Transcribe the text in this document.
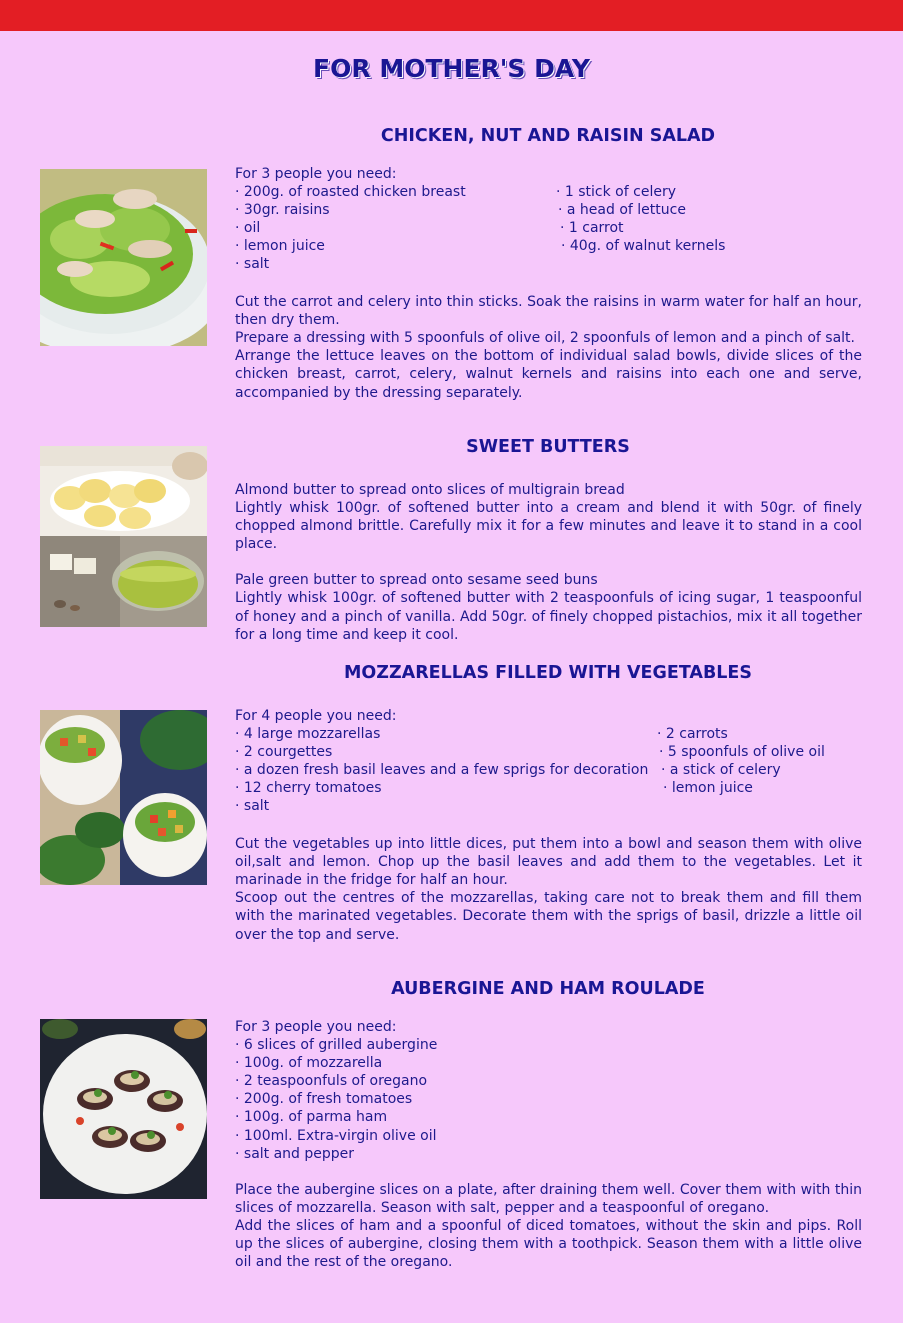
FOR MOTHER'S DAY
CHICKEN, NUT AND RAISIN SALAD
For 3 people you need:
· 200g. of roasted chicken breast
· 30gr. raisins
· oil
· lemon juice
· salt
· 1 stick of celery
· a head of lettuce
· 1 carrot
· 40g. of walnut kernels

Cut the carrot and celery into thin sticks. Soak the raisins in warm water for half an hour, then dry them.

Prepare a dressing with 5 spoonfuls of olive oil, 2 spoonfuls of lemon and a pinch of salt.

Arrange the lettuce leaves on the bottom of individual salad bowls, divide slices of the chicken breast, carrot, celery, walnut kernels and raisins into each one and serve, accompanied by the dressing separately.

SWEET BUTTERS

Almond butter to spread onto slices of multigrain bread

Lightly whisk 100gr. of softened butter into a cream and blend it with 50gr. of finely chopped almond brittle. Carefully mix it for a few minutes and leave it to stand in a cool place.

Pale green butter to spread onto sesame seed buns

Lightly whisk 100gr. of softened butter with 2 teaspoonfuls of icing sugar, 1 teaspoonful of honey and a pinch of vanilla. Add 50gr. of finely chopped pistachios, mix it all together for a long time and keep it cool.

MOZZARELLAS FILLED WITH VEGETABLES
For 4 people you need:
· 4 large mozzarellas
· 2 courgettes
· a dozen fresh basil leaves and a few sprigs for decoration
· 12 cherry tomatoes
· salt
· 2 carrots
· 5 spoonfuls of olive oil
· a stick of celery
· lemon juice

Cut the vegetables up into little dices, put them into a bowl and season them with olive oil,salt and lemon. Chop up the basil leaves and add them to the vegetables. Let it marinade in the fridge for half an hour.

Scoop out the centres of the mozzarellas, taking care not to break them and fill them with the marinated vegetables. Decorate them with the sprigs of basil, drizzle a little oil over the top and serve.

AUBERGINE AND HAM ROULADE
For 3 people you need:
· 6 slices of grilled aubergine
· 100g. of mozzarella
· 2 teaspoonfuls of oregano
· 200g. of fresh tomatoes
· 100g. of parma ham
· 100ml. Extra-virgin olive oil
· salt and pepper

Place the aubergine slices on a plate, after draining them well. Cover them with with thin slices of mozzarella. Season with salt, pepper and a teaspoonful of oregano.

Add the slices of ham and a spoonful of diced tomatoes, without the skin and pips. Roll up the slices of aubergine, closing them with a toothpick. Season them with a little olive oil and the rest of the oregano.
